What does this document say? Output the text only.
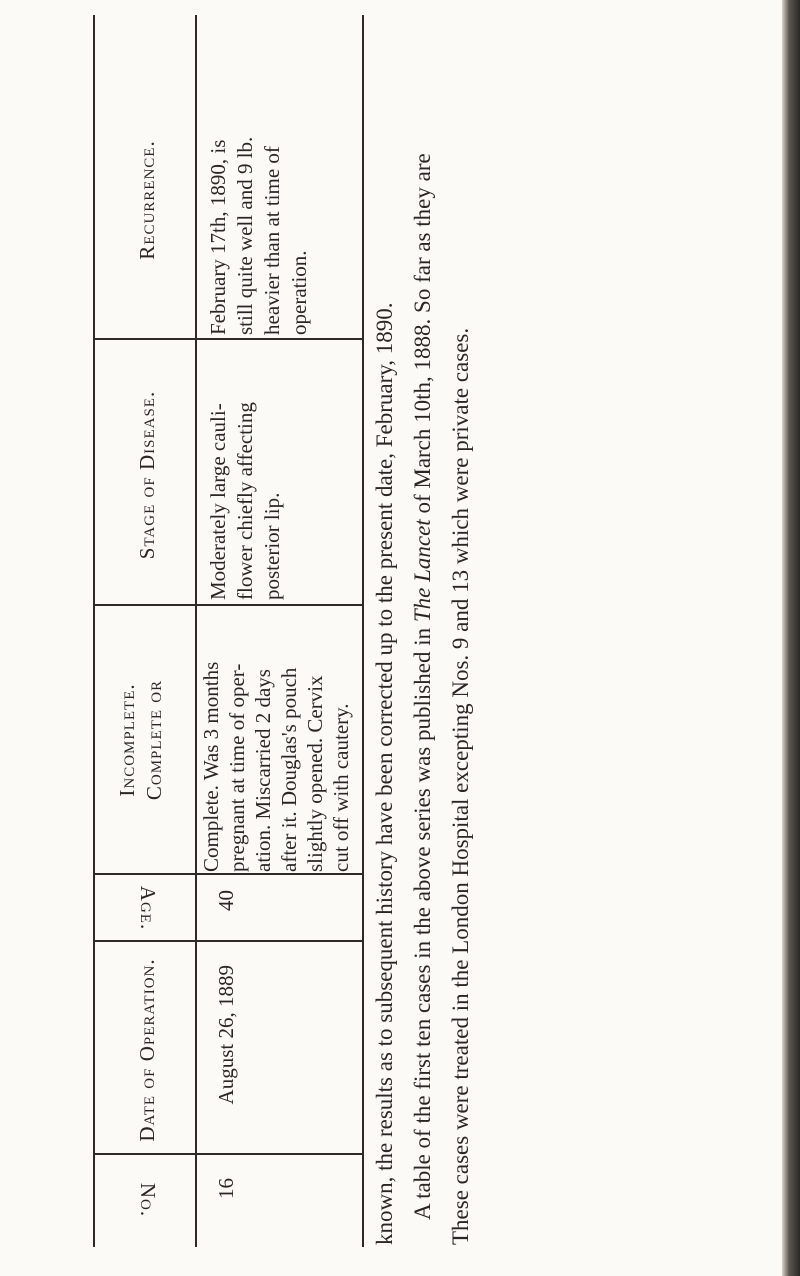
Recurrence.
Stage of Disease.
Complete or
Incomplete.
Age.
Date of Operation.
No.
February 17th, 1890, is still quite well and 9 lb. heavier than at time of operation.
Moderately large cauli- flower chiefly affecting posterior lip.
Complete. Was 3 months pregnant at time of oper- ation. Miscarried 2 days after it. Douglas's pouch slightly opened. Cervix cut off with cautery.
40
August 26, 1889
16	These cases were treated in the London Hospital excepting Nos. 9 and 13 which were private cases.
A table of the first ten cases in the above series was published in The Lancet of March 10th, 1888. So far as they are
known, the results as to subsequent history have been corrected up to the present date, February, 1890.
